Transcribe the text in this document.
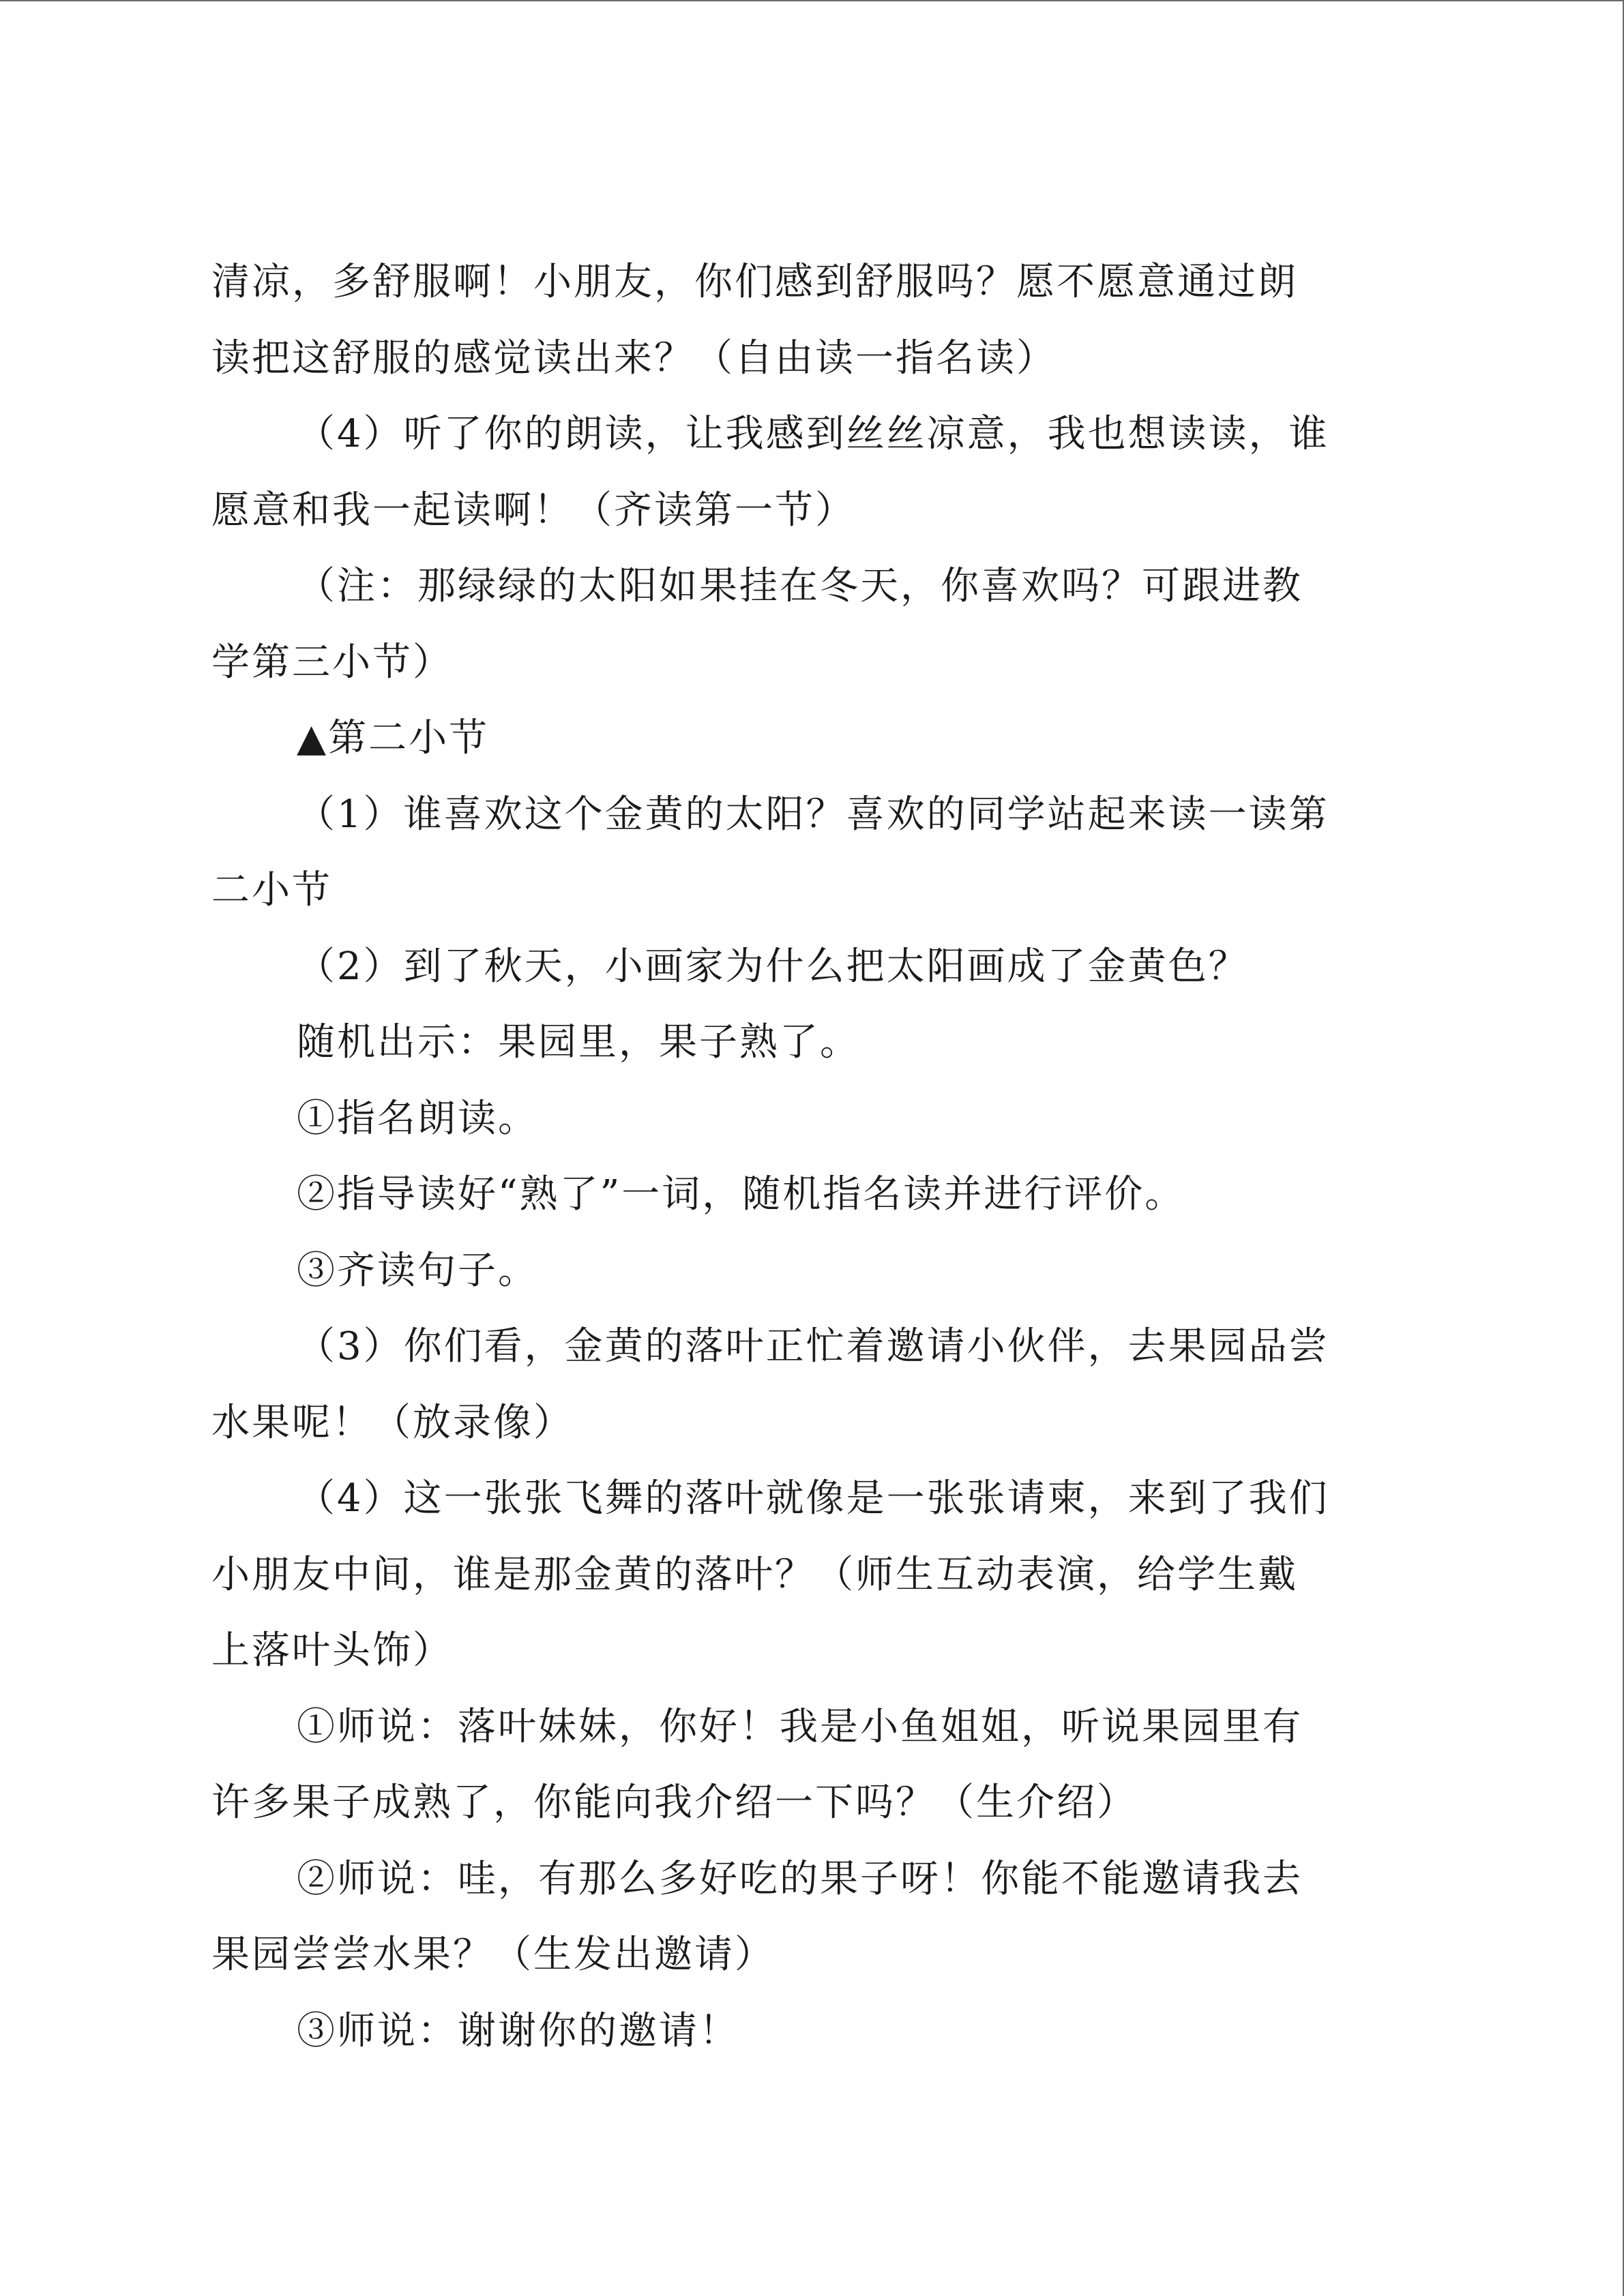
清凉，多舒服啊！小朋友，你们感到舒服吗？愿不愿意通过朗
读把这舒服的感觉读出来？（自由读一指名读）
（4）听了你的朗读，让我感到丝丝凉意，我也想读读，谁
愿意和我一起读啊！（齐读第一节）
（注：那绿绿的太阳如果挂在冬天，你喜欢吗？可跟进教
学第三小节）
▲第二小节
（1）谁喜欢这个金黄的太阳？喜欢的同学站起来读一读第
二小节
（2）到了秋天，小画家为什么把太阳画成了金黄色？
随机出示：果园里，果子熟了。
①指名朗读。
②指导读好“熟了”一词，随机指名读并进行评价。
③齐读句子。
（3）你们看，金黄的落叶正忙着邀请小伙伴，去果园品尝
水果呢！（放录像）
（4）这一张张飞舞的落叶就像是一张张请柬，来到了我们
小朋友中间，谁是那金黄的落叶？（师生互动表演，给学生戴
上落叶头饰）
①师说：落叶妹妹，你好！我是小鱼姐姐，听说果园里有
许多果子成熟了，你能向我介绍一下吗？（生介绍）
②师说：哇，有那么多好吃的果子呀！你能不能邀请我去
果园尝尝水果？（生发出邀请）
③师说：谢谢你的邀请！
